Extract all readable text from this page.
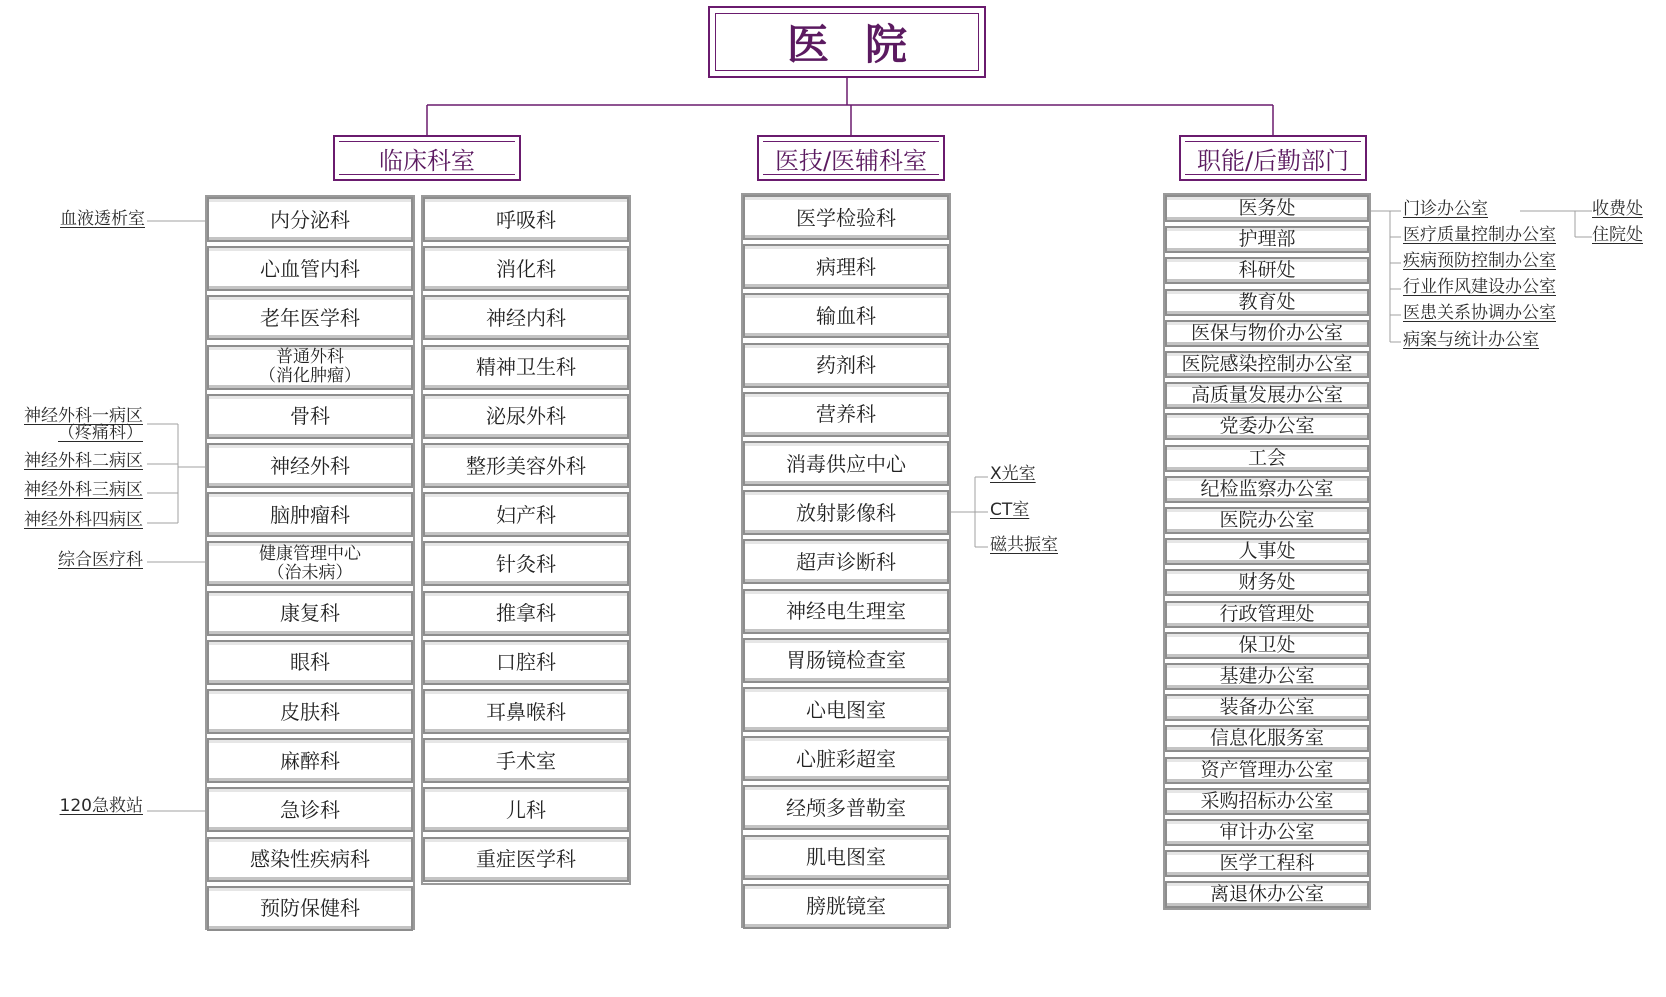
医院
临床科室	医技/医辅科室	职能/后勤部门
内分泌科
心血管内科
老年医学科
普通外科
（消化肿瘤）
骨科
神经外科
脑肿瘤科
健康管理中心
（治未病）
康复科
眼科
皮肤科
麻醉科
急诊科
感染性疾病科
预防保健科
呼吸科
消化科
神经内科
精神卫生科
泌尿外科
整形美容外科
妇产科
针灸科
推拿科
口腔科
耳鼻喉科
手术室
儿科
重症医学科
医学检验科
病理科
输血科
药剂科
营养科
消毒供应中心
放射影像科
超声诊断科
神经电生理室
胃肠镜检查室
心电图室
心脏彩超室
经颅多普勒室
肌电图室
膀胱镜室
医务处
护理部
科研处
教育处
医保与物价办公室
医院感染控制办公室
高质量发展办公室
党委办公室
工会
纪检监察办公室
医院办公室
人事处
财务处
行政管理处
保卫处
基建办公室
装备办公室
信息化服务室
资产管理办公室
采购招标办公室
审计办公室
医学工程科
离退休办公室
血液透析室
神经外科一病区
（疼痛科）
神经外科二病区
神经外科三病区
神经外科四病区
综合医疗科
120急救站
X光室
CT室
磁共振室
门诊办公室
医疗质量控制办公室
疾病预防控制办公室
行业作风建设办公室
医患关系协调办公室
病案与统计办公室
收费处
住院处
